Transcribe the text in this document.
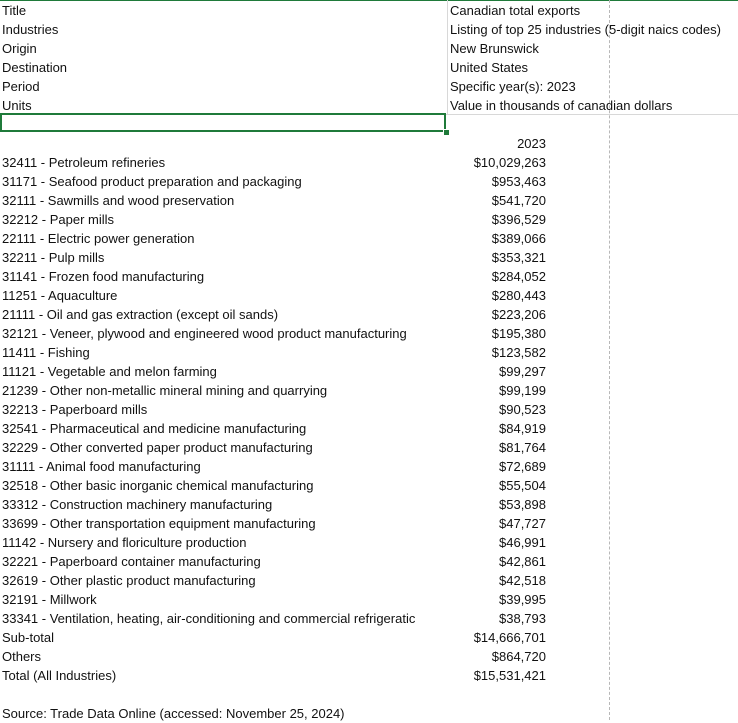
Title	Canadian total exports
Industries	Listing of top 25 industries (5-digit naics codes)
Origin	New Brunswick
Destination	United States
Period	Specific year(s): 2023
Units	Value in thousands of canadian dollars
2023
32411 - Petroleum refineries	$10,029,263
31171 - Seafood product preparation and packaging	$953,463
32111 - Sawmills and wood preservation	$541,720
32212 - Paper mills	$396,529
22111 - Electric power generation	$389,066
32211 - Pulp mills	$353,321
31141 - Frozen food manufacturing	$284,052
11251 - Aquaculture	$280,443
21111 - Oil and gas extraction (except oil sands)	$223,206
32121 - Veneer, plywood and engineered wood product manufacturing	$195,380
11411 - Fishing	$123,582
11121 - Vegetable and melon farming	$99,297
21239 - Other non-metallic mineral mining and quarrying	$99,199
32213 - Paperboard mills	$90,523
32541 - Pharmaceutical and medicine manufacturing	$84,919
32229 - Other converted paper product manufacturing	$81,764
31111 - Animal food manufacturing	$72,689
32518 - Other basic inorganic chemical manufacturing	$55,504
33312 - Construction machinery manufacturing	$53,898
33699 - Other transportation equipment manufacturing	$47,727
11142 - Nursery and floriculture production	$46,991
32221 - Paperboard container manufacturing	$42,861
32619 - Other plastic product manufacturing	$42,518
32191 - Millwork	$39,995
33341 - Ventilation, heating, air-conditioning and commercial refrigeratic	$38,793
Sub-total	$14,666,701
Others	$864,720
Total (All Industries)	$15,531,421
Source: Trade Data Online (accessed: November 25, 2024)
